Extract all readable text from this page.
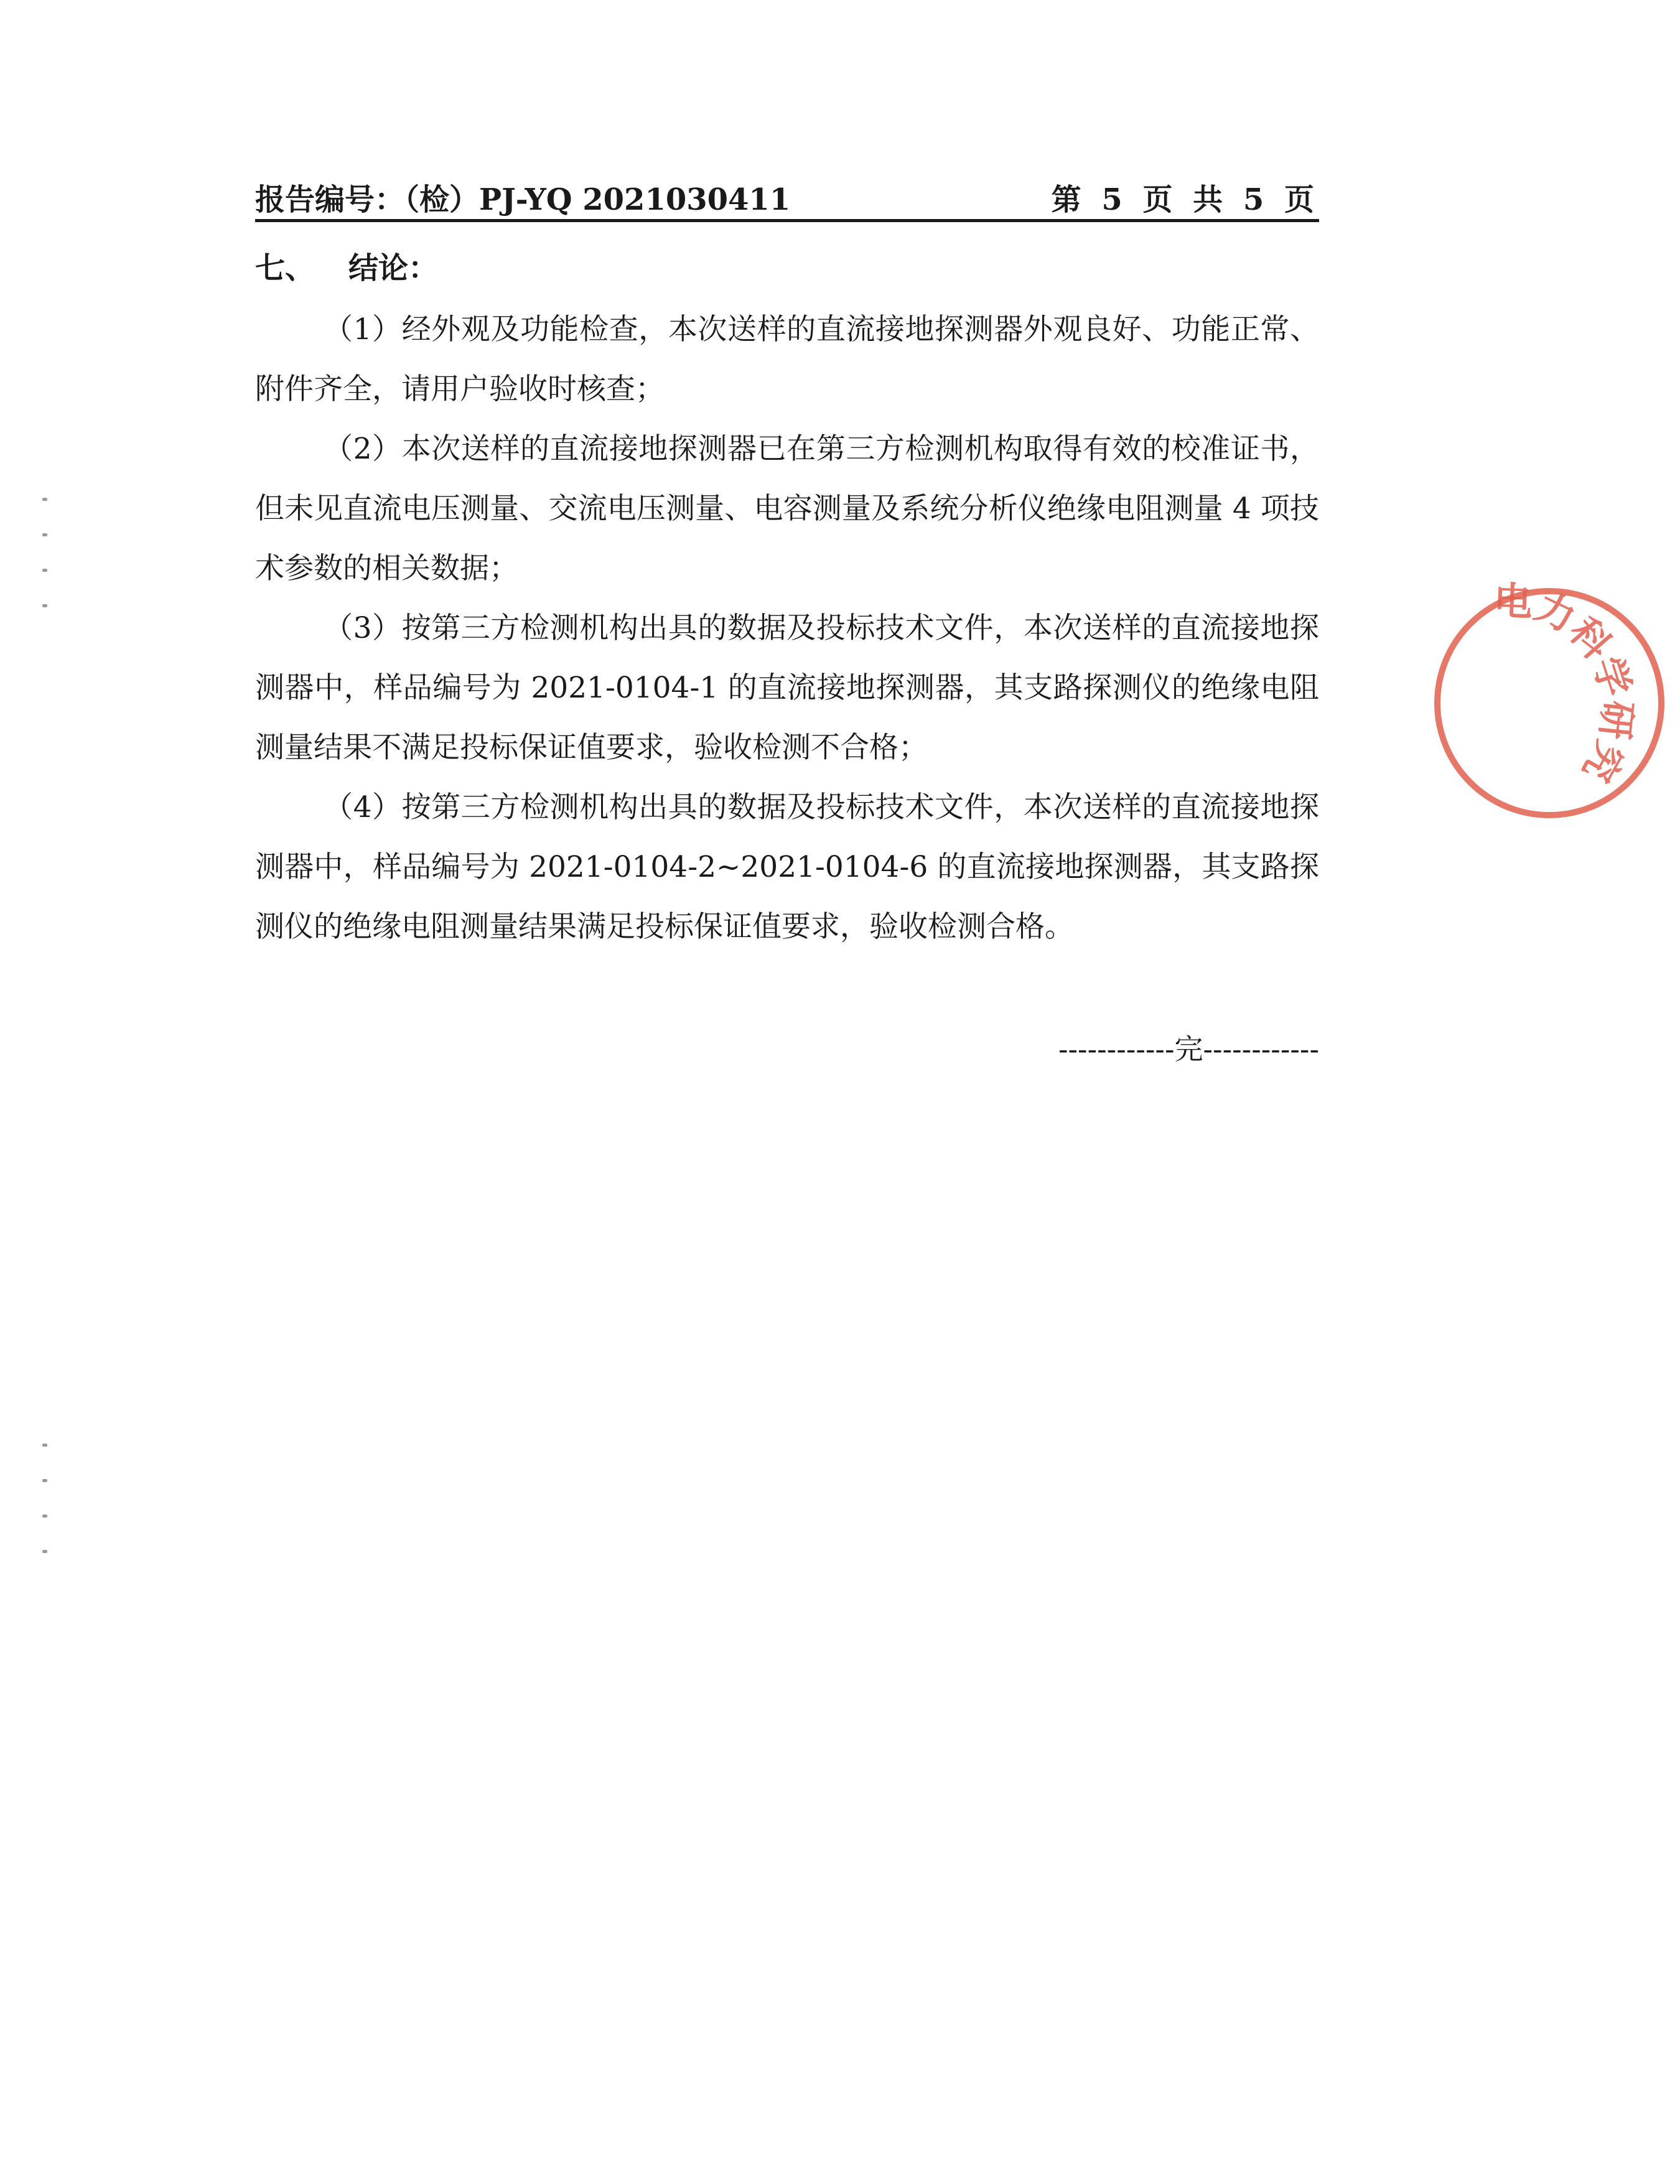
报告编号：（检）PJ-YQ 2021030411	第 5 页 共 5 页
七、 结论：

（1）经外观及功能检查，本次送样的直流接地探测器外观良好、功能正常、附件齐全，请用户验收时核查；

（2）本次送样的直流接地探测器已在第三方检测机构取得有效的校准证书，但未见直流电压测量、交流电压测量、电容测量及系统分析仪绝缘电阻测量 4 项技术参数的相关数据；

（3）按第三方检测机构出具的数据及投标技术文件，本次送样的直流接地探测器中，样品编号为 2021-0104-1 的直流接地探测器，其支路探测仪的绝缘电阻测量结果不满足投标保证值要求，验收检测不合格；

（4）按第三方检测机构出具的数据及投标技术文件，本次送样的直流接地探测器中，样品编号为 2021-0104-2~2021-0104-6 的直流接地探测器，其支路探测仪的绝缘电阻测量结果满足投标保证值要求，验收检测合格。

------------完------------
电力科学研究
